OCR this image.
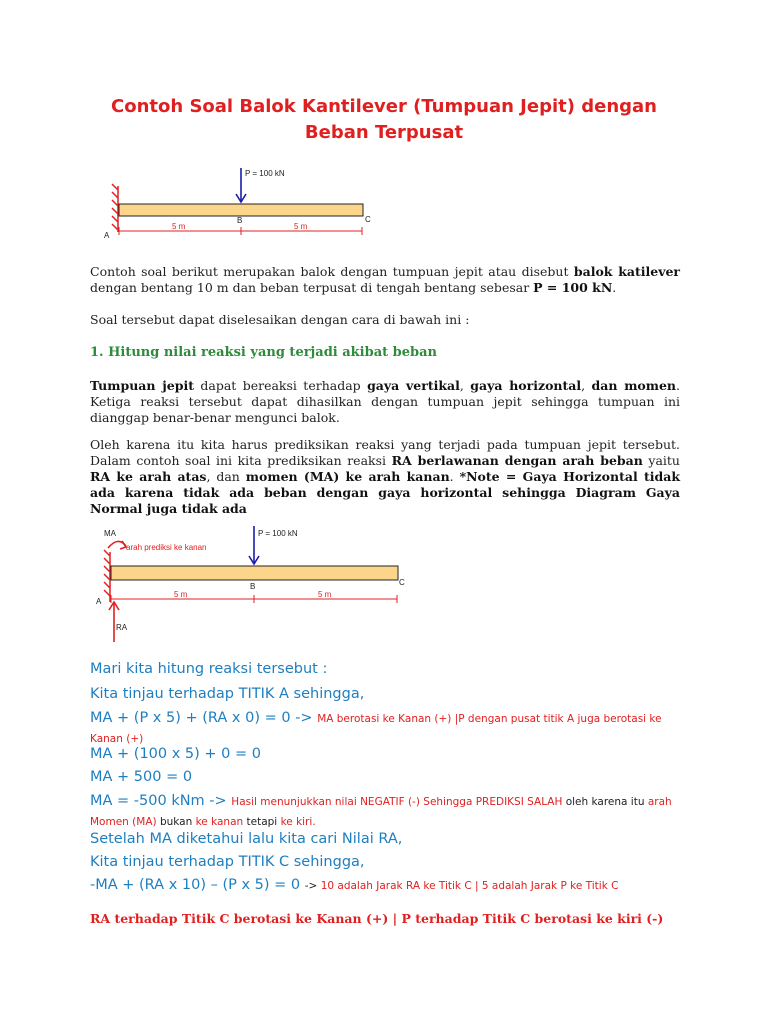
Contoh Soal Balok Kantilever (Tumpuan Jepit) dengan
Beban Terpusat
P = 100 kN
5 m	5 m
A
B	C
Contoh soal berikut merupakan balok dengan tumpuan jepit atau disebut balok katilever dengan bentang 10 m dan beban terpusat di tengah bentang sebesar P = 100 kN.
Soal tersebut dapat diselesaikan dengan cara di bawah ini :
1. Hitung nilai reaksi yang terjadi akibat beban
Tumpuan jepit dapat bereaksi terhadap gaya vertikal, gaya horizontal, dan momen. Ketiga reaksi tersebut dapat dihasilkan dengan tumpuan jepit sehingga tumpuan ini dianggap benar-benar mengunci balok.
Oleh karena itu kita harus prediksikan reaksi yang terjadi pada tumpuan jepit tersebut. Dalam contoh soal ini kita prediksikan reaksi RA berlawanan dengan arah beban yaitu RA ke arah atas, dan momen (MA) ke arah kanan. *Note = Gaya Horizontal tidak ada karena tidak ada beban dengan gaya horizontal sehingga Diagram Gaya Normal juga tidak ada
MA
arah prediksi ke kanan
P = 100 kN
5 m	5 m
A
B	C
RA
Mari kita hitung reaksi tersebut :
Kita tinjau terhadap TITIK A sehingga,
MA + (P x 5) + (RA x 0) = 0 -> MA berotasi ke Kanan (+) |P dengan pusat titik A juga berotasi ke Kanan (+)
MA + (100 x 5) + 0 = 0
MA + 500 = 0
MA = -500 kNm -> Hasil menunjukkan nilai NEGATIF (-) Sehingga PREDIKSI SALAH oleh karena itu arah Momen (MA) bukan ke kanan tetapi ke kiri.
Setelah MA diketahui lalu kita cari Nilai RA,
Kita tinjau terhadap TITIK C sehingga,
-MA + (RA x 10) – (P x 5) = 0 -> 10 adalah Jarak RA ke Titik C | 5 adalah Jarak P ke Titik C
RA terhadap Titik C berotasi ke Kanan (+) | P terhadap Titik C berotasi ke kiri (-)
